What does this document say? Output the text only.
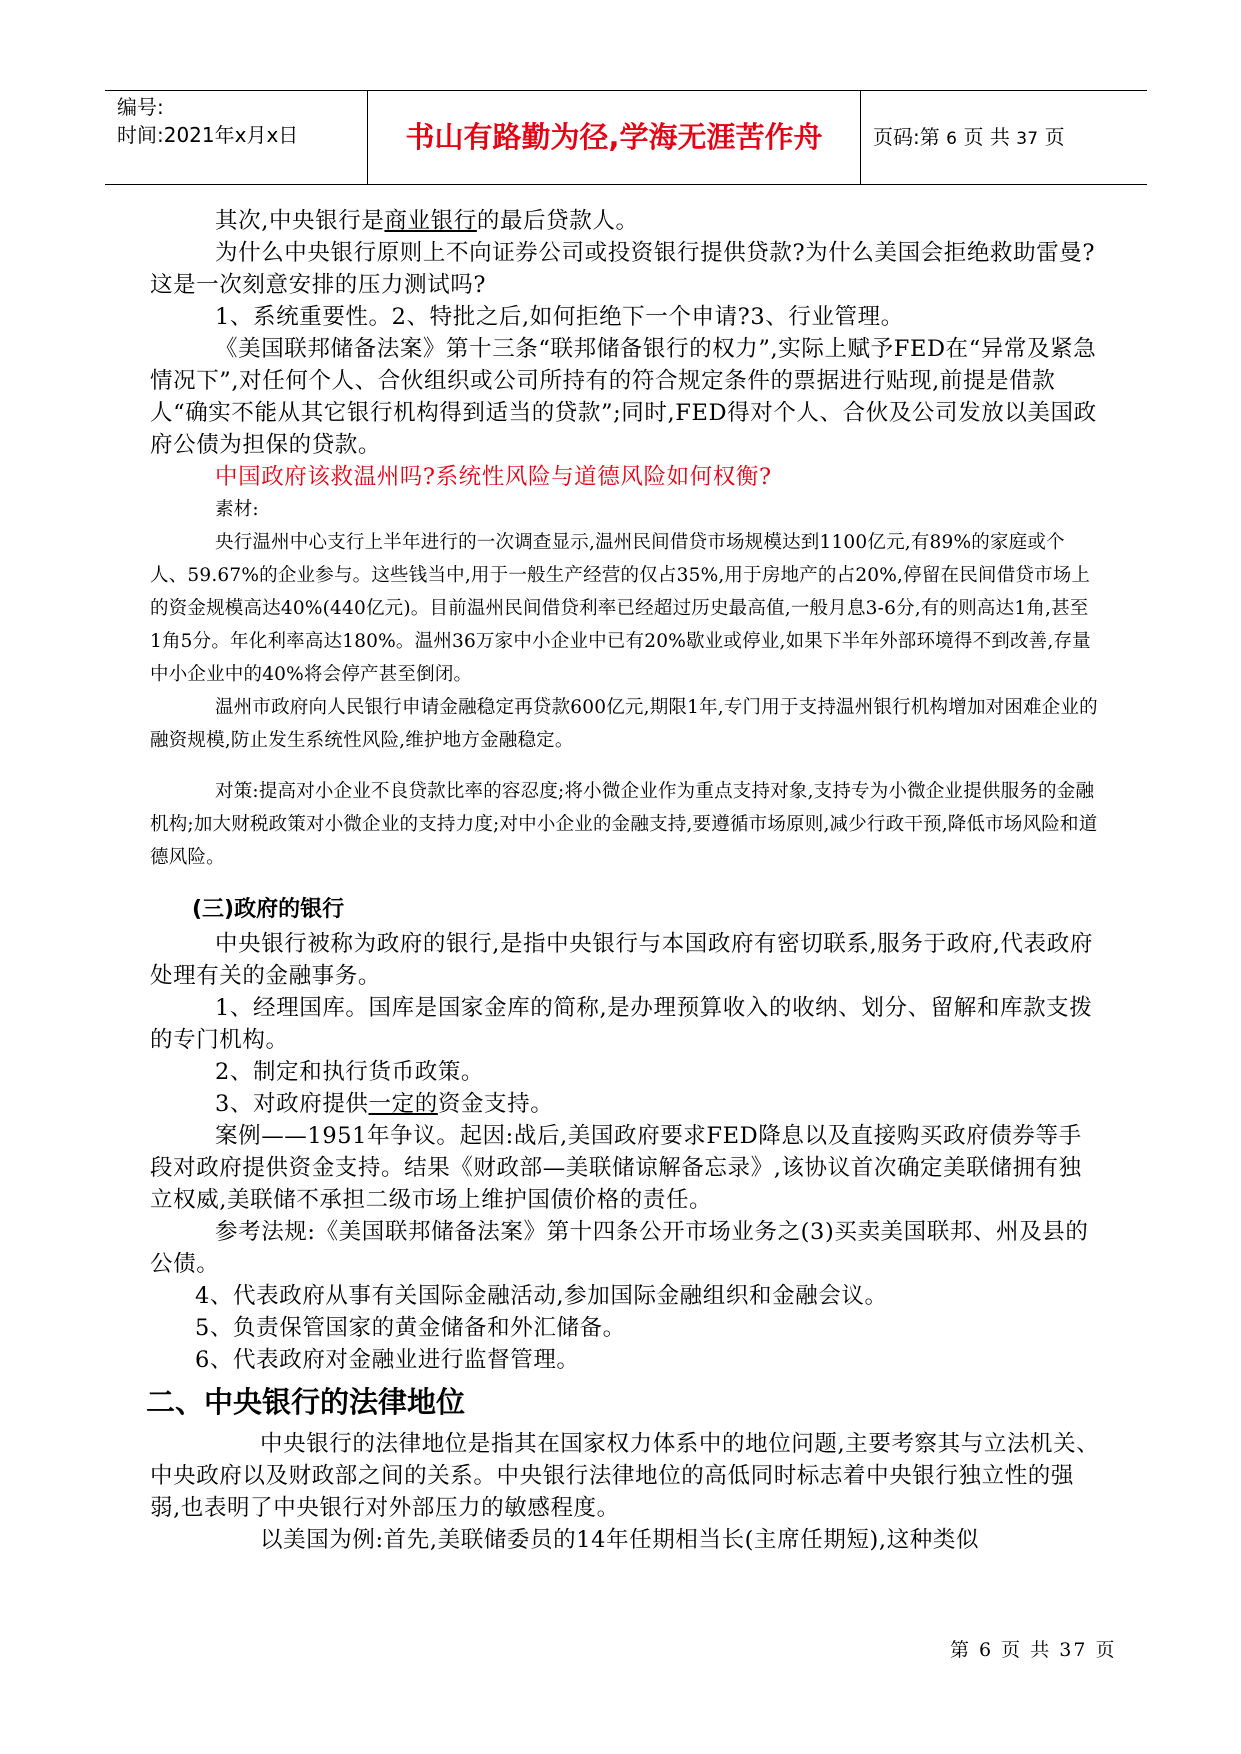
编号:
时间:2021年x月x日	书山有路勤为径,学海无涯苦作舟	页码:第 6 页 共 37 页

其次,中央银行是商业银行的最后贷款人。

为什么中央银行原则上不向证券公司或投资银行提供贷款?为什么美国会拒绝救助雷曼?这是一次刻意安排的压力测试吗?

1、系统重要性。2、特批之后,如何拒绝下一个申请?3、行业管理。

《美国联邦储备法案》第十三条“联邦储备银行的权力”,实际上赋予FED在“异常及紧急情况下”,对任何个人、合伙组织或公司所持有的符合规定条件的票据进行贴现,前提是借款人“确实不能从其它银行机构得到适当的贷款”;同时,FED得对个人、合伙及公司发放以美国政府公债为担保的贷款。

中国政府该救温州吗?系统性风险与道德风险如何权衡?

素材:

央行温州中心支行上半年进行的一次调查显示,温州民间借贷市场规模达到1100亿元,有89%的家庭或个人、59.67%的企业参与。这些钱当中,用于一般生产经营的仅占35%,用于房地产的占20%,停留在民间借贷市场上的资金规模高达40%(440亿元)。目前温州民间借贷利率已经超过历史最高值,一般月息3-6分,有的则高达1角,甚至1角5分。年化利率高达180%。温州36万家中小企业中已有20%歇业或停业,如果下半年外部环境得不到改善,存量中小企业中的40%将会停产甚至倒闭。

温州市政府向人民银行申请金融稳定再贷款600亿元,期限1年,专门用于支持温州银行机构增加对困难企业的融资规模,防止发生系统性风险,维护地方金融稳定。

对策:提高对小企业不良贷款比率的容忍度;将小微企业作为重点支持对象,支持专为小微企业提供服务的金融机构;加大财税政策对小微企业的支持力度;对中小企业的金融支持,要遵循市场原则,减少行政干预,降低市场风险和道德风险。

(三)政府的银行

中央银行被称为政府的银行,是指中央银行与本国政府有密切联系,服务于政府,代表政府处理有关的金融事务。

1、经理国库。国库是国家金库的简称,是办理预算收入的收纳、划分、留解和库款支拨的专门机构。

2、制定和执行货币政策。

3、对政府提供一定的资金支持。

案例——1951年争议。起因:战后,美国政府要求FED降息以及直接购买政府债券等手段对政府提供资金支持。结果《财政部—美联储谅解备忘录》,该协议首次确定美联储拥有独立权威,美联储不承担二级市场上维护国债价格的责任。

参考法规:《美国联邦储备法案》第十四条公开市场业务之(3)买卖美国联邦、州及县的公债。

4、代表政府从事有关国际金融活动,参加国际金融组织和金融会议。

5、负责保管国家的黄金储备和外汇储备。

6、代表政府对金融业进行监督管理。

二、中央银行的法律地位

中央银行的法律地位是指其在国家权力体系中的地位问题,主要考察其与立法机关、中央政府以及财政部之间的关系。中央银行法律地位的高低同时标志着中央银行独立性的强弱,也表明了中央银行对外部压力的敏感程度。

以美国为例:首先,美联储委员的14年任期相当长(主席任期短),这种类似

第 6 页 共 37 页
